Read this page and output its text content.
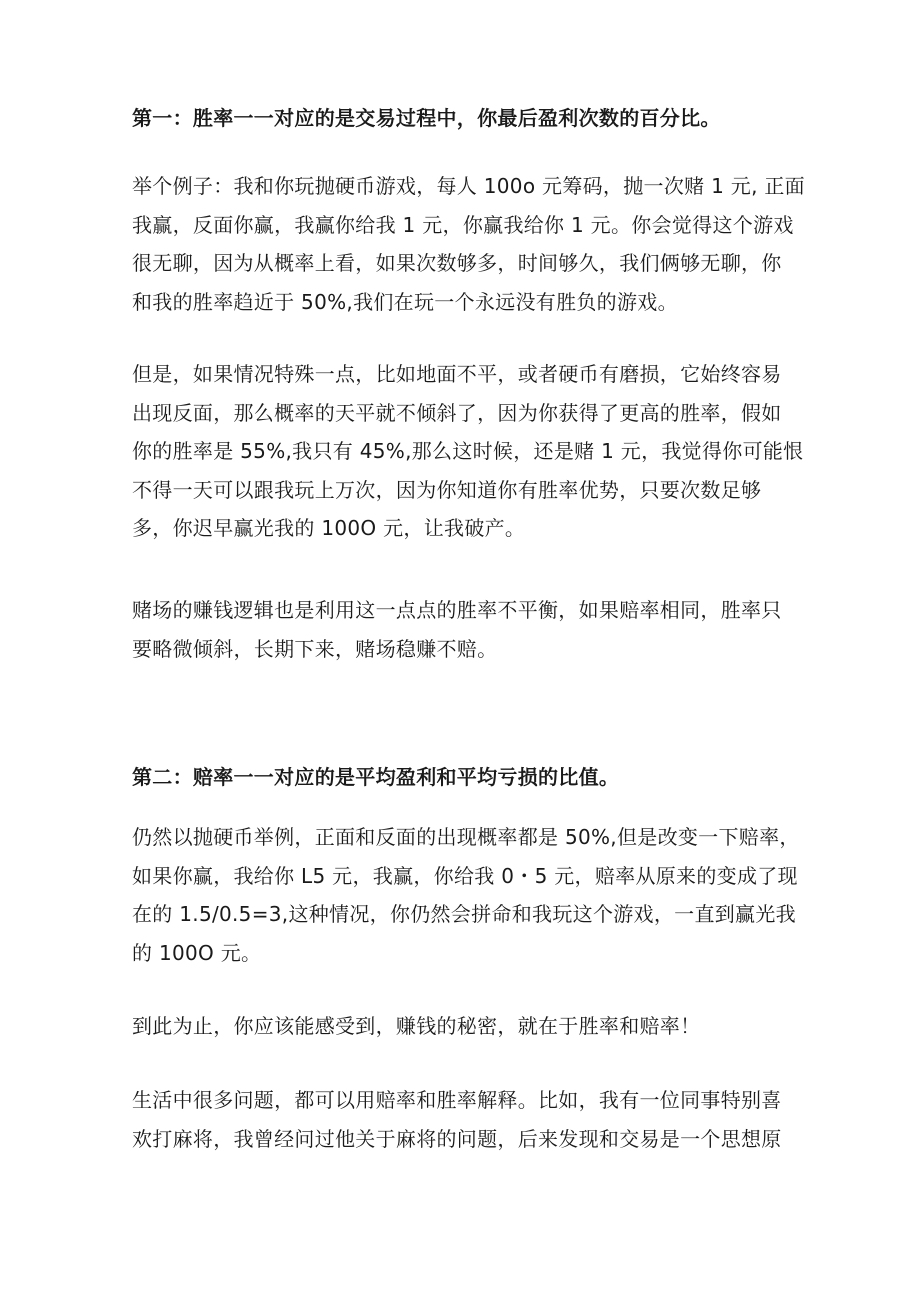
第一：胜率一一对应的是交易过程中，你最后盈利次数的百分比。
举个例子：我和你玩抛硬币游戏，每人 100o 元筹码，抛一次赌 1 元, 正面
我赢，反面你赢，我赢你给我 1 元，你赢我给你 1 元。你会觉得这个游戏
很无聊，因为从概率上看，如果次数够多，时间够久，我们俩够无聊，你
和我的胜率趋近于 50%,我们在玩一个永远没有胜负的游戏。
但是，如果情况特殊一点，比如地面不平，或者硬币有磨损，它始终容易
出现反面，那么概率的天平就不倾斜了，因为你获得了更高的胜率，假如
你的胜率是 55%,我只有 45%,那么这时候，还是赌 1 元，我觉得你可能恨
不得一天可以跟我玩上万次，因为你知道你有胜率优势，只要次数足够
多，你迟早赢光我的 100O 元，让我破产。
赌场的赚钱逻辑也是利用这一点点的胜率不平衡，如果赔率相同，胜率只
要略微倾斜，长期下来，赌场稳赚不赔。
第二：赔率一一对应的是平均盈利和平均亏损的比值。
仍然以抛硬币举例，正面和反面的出现概率都是 50%,但是改变一下赔率，
如果你赢，我给你 L5 元，我赢，你给我 0・5 元，赔率从原来的变成了现
在的 1.5/0.5=3,这种情况，你仍然会拼命和我玩这个游戏，一直到赢光我
的 100O 元。
到此为止，你应该能感受到，赚钱的秘密，就在于胜率和赔率！
生活中很多问题，都可以用赔率和胜率解释。比如，我有一位同事特别喜
欢打麻将，我曾经问过他关于麻将的问题，后来发现和交易是一个思想原
